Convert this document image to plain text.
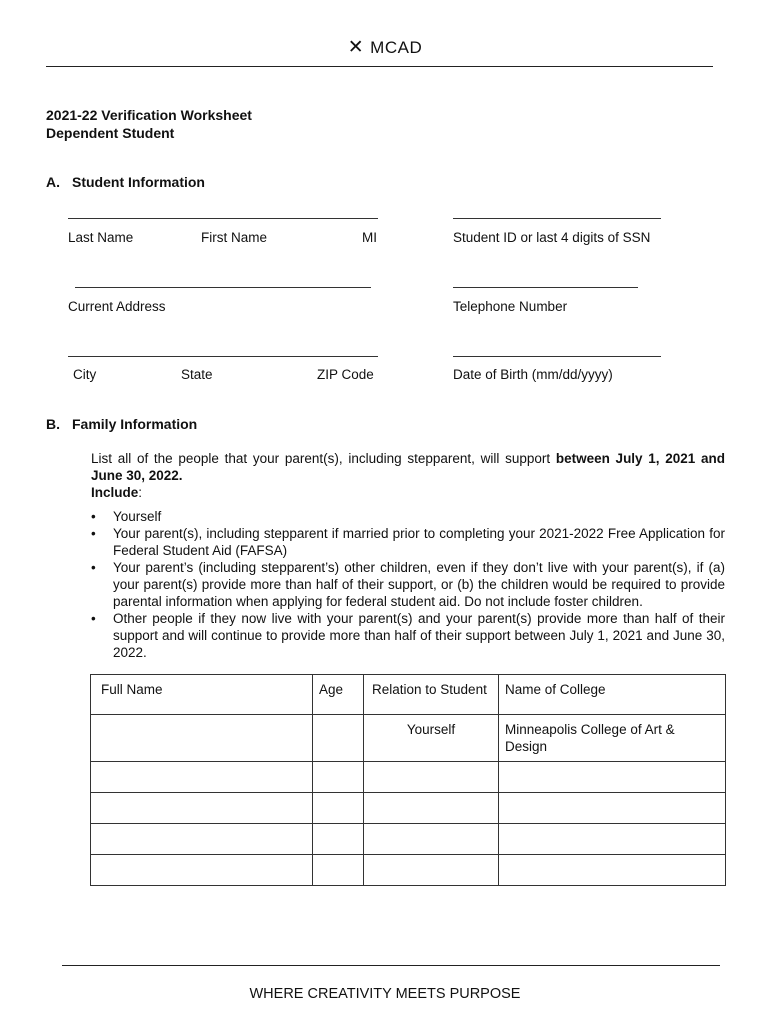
✕ MCAD
2021-22 Verification Worksheet
Dependent Student
A. Student Information
Last Name	First Name	MI	Student ID or last 4 digits of SSN
Current Address	Telephone Number
City	State	ZIP Code	Date of Birth (mm/dd/yyyy)
B. Family Information
List all of the people that your parent(s), including stepparent, will support between July 1, 2021 and June 30, 2022.
Include:
• Yourself
• Your parent(s), including stepparent if married prior to completing your 2021-2022 Free Application for Federal Student Aid (FAFSA)
• Your parent’s (including stepparent’s) other children, even if they don’t live with your parent(s), if (a) your parent(s) provide more than half of their support, or (b) the children would be required to provide parental information when applying for federal student aid. Do not include foster children.
• Other people if they now live with your parent(s) and your parent(s) provide more than half of their support and will continue to provide more than half of their support between July 1, 2021 and June 30, 2022.
Full Name	Age	Relation to Student	Name of College
		Yourself	Minneapolis College of Art & Design

WHERE CREATIVITY MEETS PURPOSE
